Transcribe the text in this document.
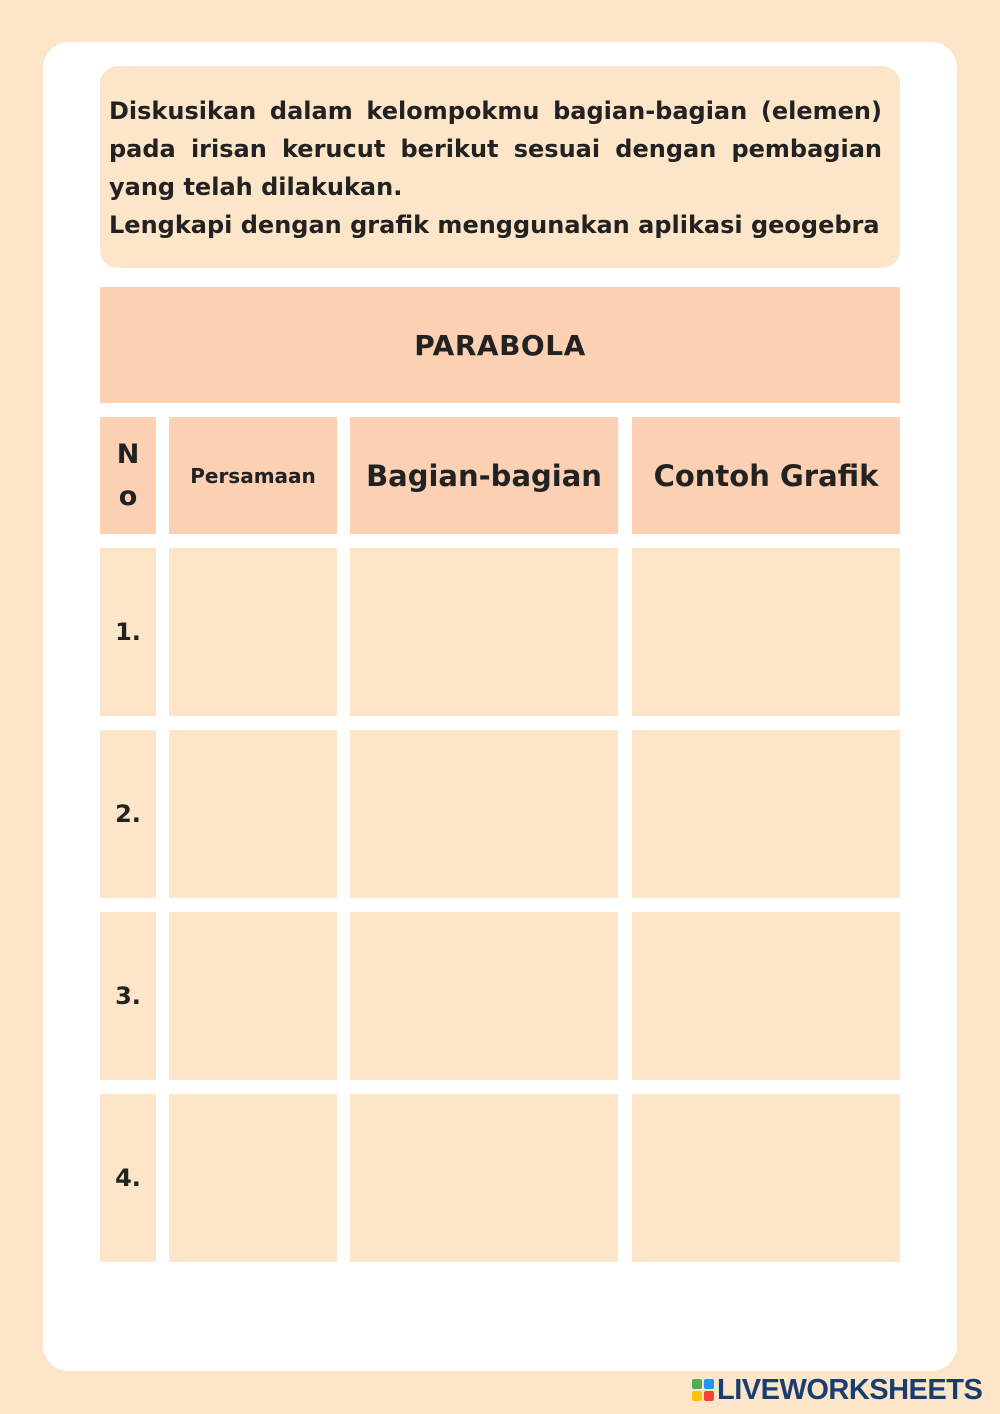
Diskusikan dalam kelompokmu bagian-bagian (elemen) pada irisan kerucut berikut sesuai dengan pembagian yang telah dilakukan.

Lengkapi dengan grafik menggunakan aplikasi geogebra

PARABOLA
N
o
Persamaan	Bagian-bagian	Contoh Grafik
1.
2.
3.
4.
LIVEWORKSHEETS
